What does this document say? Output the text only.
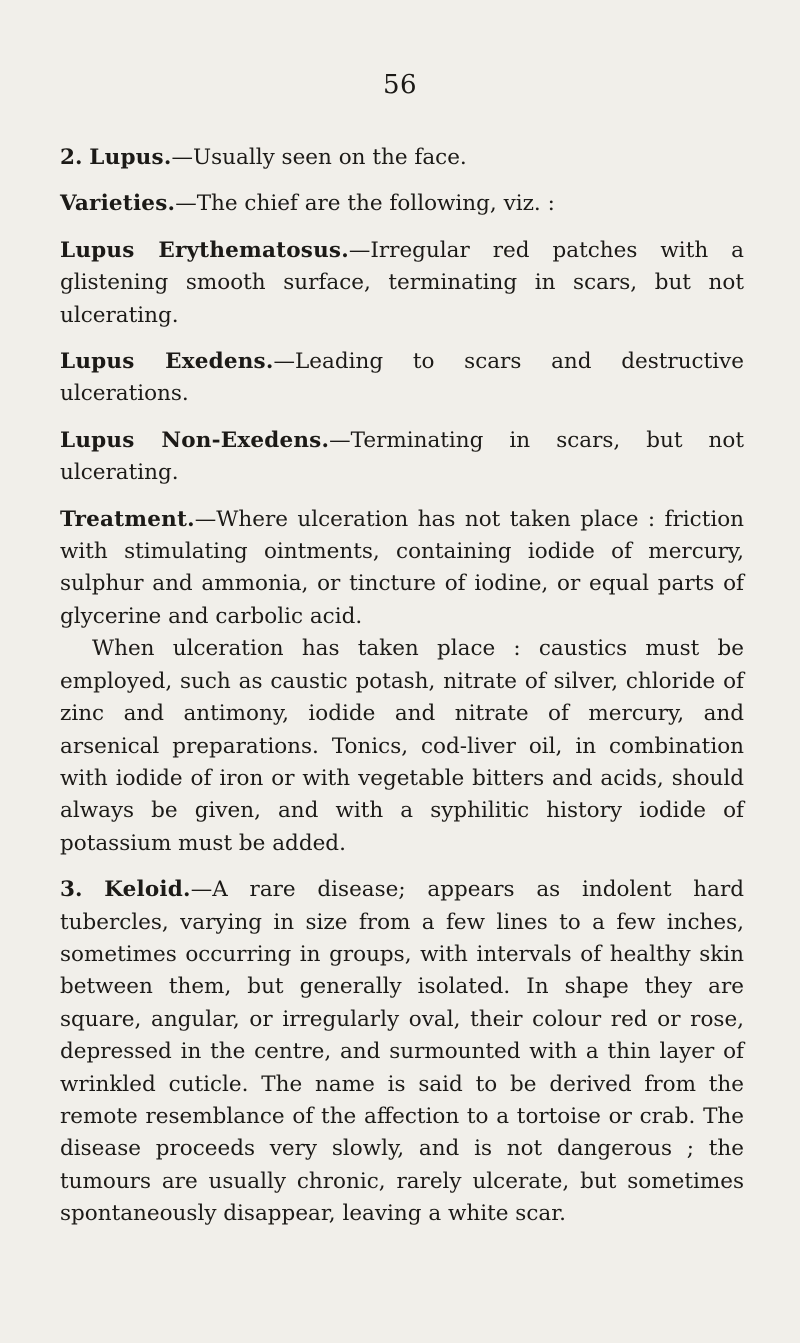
56

2. Lupus.—Usually seen on the face.

Varieties.—The chief are the following, viz. :

Lupus Erythematosus.—Irregular red patches with a glistening smooth surface, terminating in scars, but not ulcerating.

Lupus Exedens.—Leading to scars and destructive ulcerations.

Lupus Non-Exedens.—Terminating in scars, but not ulcerating.

Treatment.—Where ulceration has not taken place : friction with stimulating ointments, containing iodide of mercury, sulphur and ammonia, or tincture of iodine, or equal parts of glycerine and carbolic acid.

When ulceration has taken place : caustics must be employed, such as caustic potash, nitrate of silver, chloride of zinc and antimony, iodide and nitrate of mercury, and arsenical preparations. Tonics, cod-liver oil, in combination with iodide of iron or with vegetable bitters and acids, should always be given, and with a syphilitic history iodide of potassium must be added.

3. Keloid.—A rare disease; appears as indolent hard tubercles, varying in size from a few lines to a few inches, sometimes occurring in groups, with intervals of healthy skin between them, but generally isolated. In shape they are square, angular, or irregularly oval, their colour red or rose, depressed in the centre, and surmounted with a thin layer of wrinkled cuticle. The name is said to be derived from the remote resemblance of the affection to a tortoise or crab. The disease proceeds very slowly, and is not dangerous ; the tumours are usually chronic, rarely ulcerate, but sometimes spontaneously disappear, leaving a white scar.
